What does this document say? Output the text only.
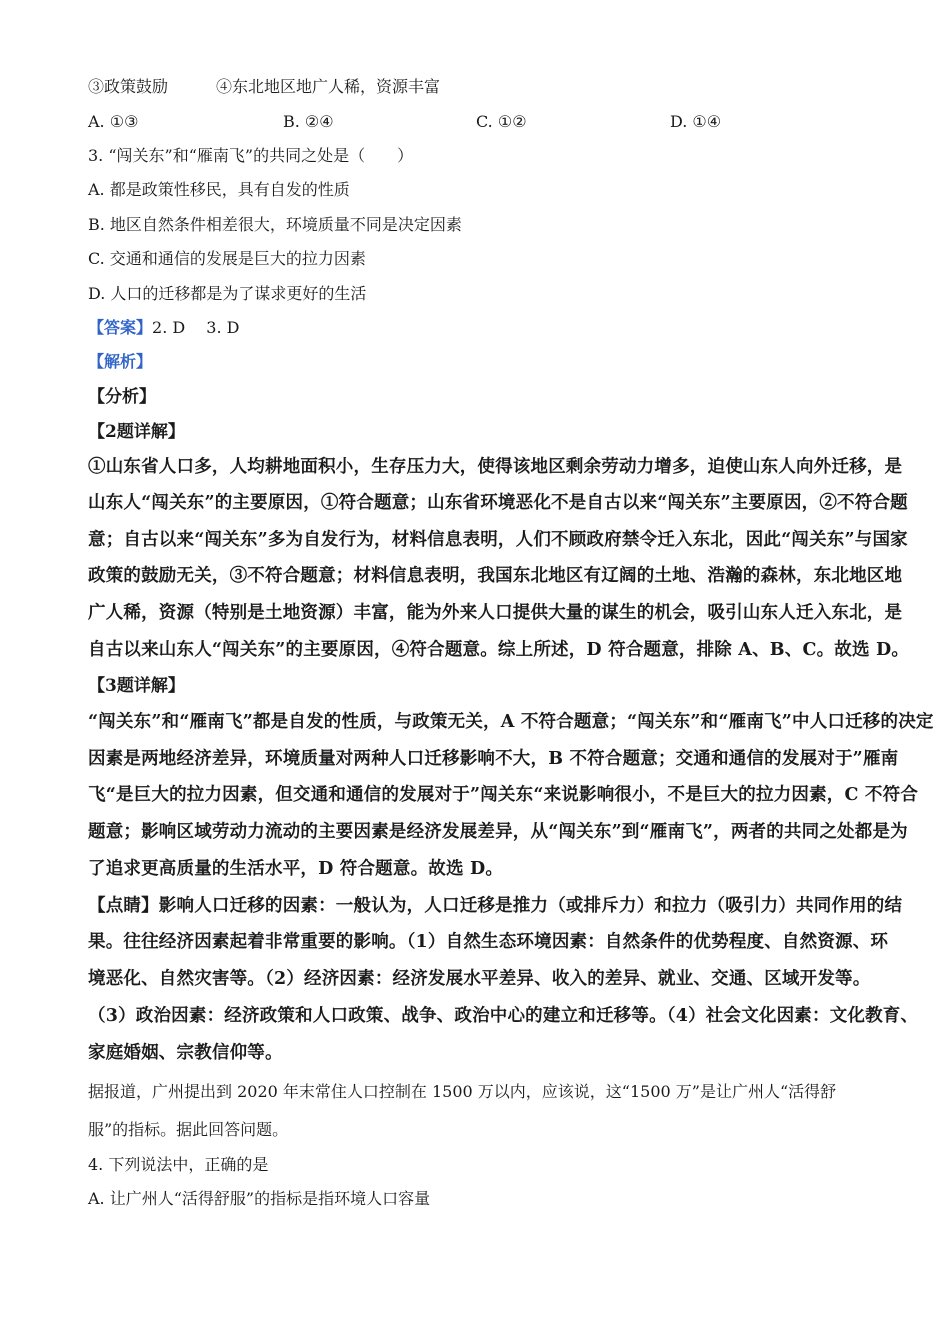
③政策鼓励	④东北地区地广人稀，资源丰富
A. ①③	B. ②④	C. ①②	D. ①④
3. “闯关东”和“雁南飞”的共同之处是（　　）
A. 都是政策性移民，具有自发的性质
B. 地区自然条件相差很大，环境质量不同是决定因素
C. 交通和通信的发展是巨大的拉力因素
D. 人口的迁移都是为了谋求更好的生活
【答案】2. D　 3. D
【解析】
【分析】
【2题详解】
①山东省人口多，人均耕地面积小，生存压力大，使得该地区剩余劳动力增多，迫使山东人向外迁移，是
山东人“闯关东”的主要原因，①符合题意；山东省环境恶化不是自古以来“闯关东”主要原因，②不符合题
意；自古以来“闯关东”多为自发行为，材料信息表明，人们不顾政府禁令迁入东北，因此“闯关东”与国家
政策的鼓励无关，③不符合题意；材料信息表明，我国东北地区有辽阔的土地、浩瀚的森林，东北地区地
广人稀，资源（特别是土地资源）丰富，能为外来人口提供大量的谋生的机会，吸引山东人迁入东北，是
自古以来山东人“闯关东”的主要原因，④符合题意。综上所述，D 符合题意，排除 A、B、C。故选 D。
【3题详解】
“闯关东”和“雁南飞”都是自发的性质，与政策无关，A 不符合题意；“闯关东”和“雁南飞”中人口迁移的决定
因素是两地经济差异，环境质量对两种人口迁移影响不大，B 不符合题意；交通和通信的发展对于”雁南
飞“是巨大的拉力因素，但交通和通信的发展对于”闯关东“来说影响很小，不是巨大的拉力因素，C 不符合
题意；影响区域劳动力流动的主要因素是经济发展差异，从“闯关东”到“雁南飞”，两者的共同之处都是为
了追求更高质量的生活水平，D 符合题意。故选 D。
【点睛】影响人口迁移的因素：一般认为，人口迁移是推力（或排斥力）和拉力（吸引力）共同作用的结
果。往往经济因素起着非常重要的影响。（1）自然生态环境因素：自然条件的优势程度、自然资源、环
境恶化、自然灾害等。（2）经济因素：经济发展水平差异、收入的差异、就业、交通、区域开发等。
（3）政治因素：经济政策和人口政策、战争、政治中心的建立和迁移等。（4）社会文化因素：文化教育、
家庭婚姻、宗教信仰等。
据报道，广州提出到 2020 年末常住人口控制在 1500 万以内，应该说，这“1500 万”是让广州人“活得舒
服”的指标。据此回答问题。
4. 下列说法中，正确的是
A. 让广州人“活得舒服”的指标是指环境人口容量
